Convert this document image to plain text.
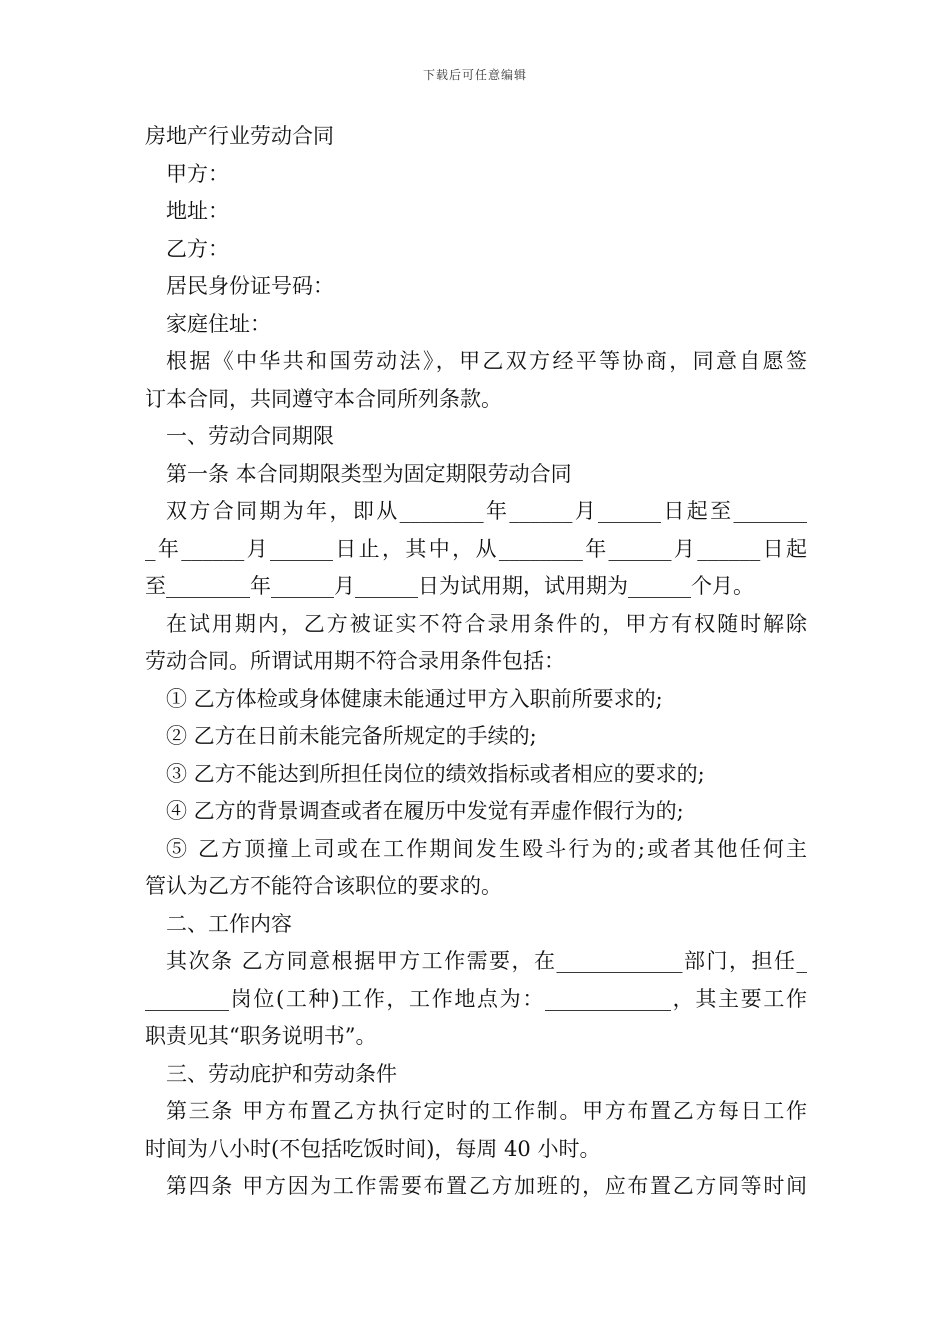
下载后可任意编辑
房地产行业劳动合同
甲方：
地址：
乙方：
居民身份证号码：
家庭住址：
根据《中华共和国劳动法》，甲乙双方经平等协商，同意自愿签
订本合同，共同遵守本合同所列条款。
一、劳动合同期限
第一条 本合同期限类型为固定期限劳动合同
双方合同期为年，即从________年______月______日起至_______
_年______月______日止，其中，从________年______月______日起
至________年______月______日为试用期，试用期为______个月。
在试用期内，乙方被证实不符合录用条件的，甲方有权随时解除
劳动合同。所谓试用期不符合录用条件包括：
① 乙方体检或身体健康未能通过甲方入职前所要求的;
② 乙方在日前未能完备所规定的手续的;
③ 乙方不能达到所担任岗位的绩效指标或者相应的要求的;
④ 乙方的背景调查或者在履历中发觉有弄虚作假行为的;
⑤ 乙方顶撞上司或在工作期间发生殴斗行为的;或者其他任何主
管认为乙方不能符合该职位的要求的。
二、工作内容
其次条 乙方同意根据甲方工作需要，在____________部门，担任_
________岗位(工种)工作，工作地点为：____________，其主要工作
职责见其“职务说明书”。
三、劳动庇护和劳动条件
第三条 甲方布置乙方执行定时的工作制。甲方布置乙方每日工作
时间为八小时(不包括吃饭时间)，每周 40 小时。
第四条 甲方因为工作需要布置乙方加班的，应布置乙方同等时间
